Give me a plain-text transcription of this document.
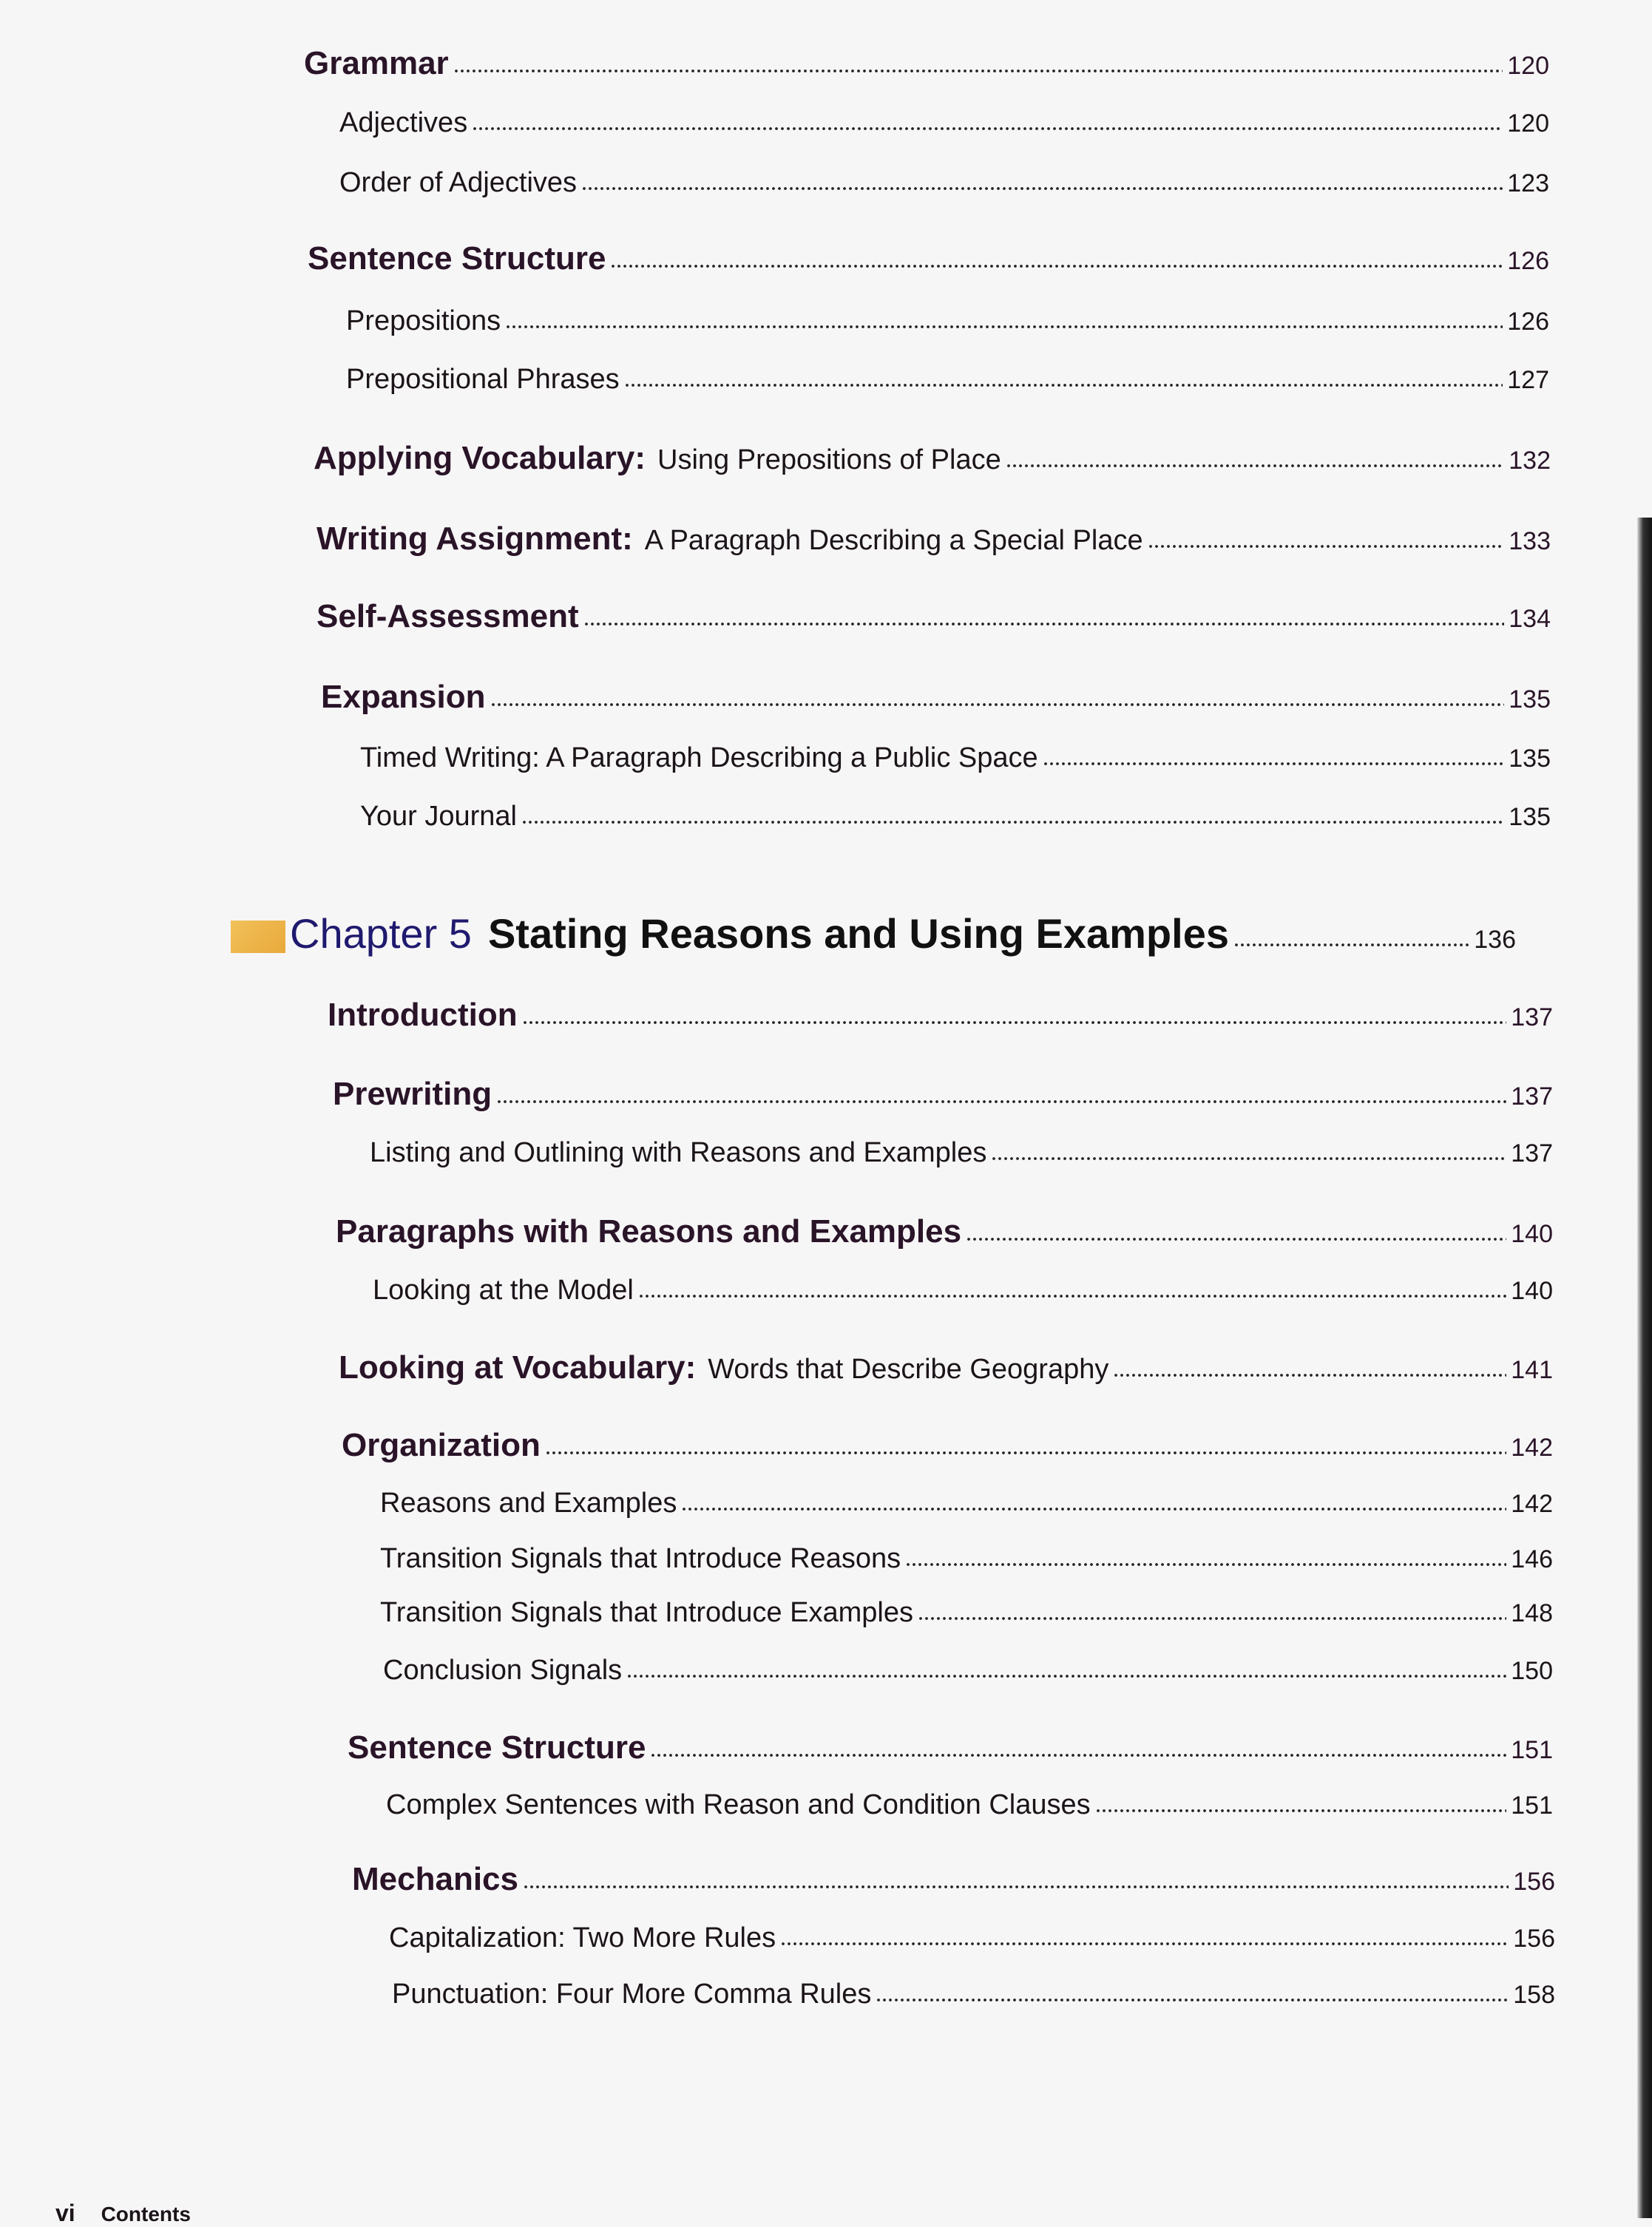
Grammar	120
Adjectives	120
Order of Adjectives	123
Sentence Structure	126
Prepositions	126
Prepositional Phrases	127
Applying Vocabulary: Using Prepositions of Place	132
Writing Assignment: A Paragraph Describing a Special Place	133
Self-Assessment	134
Expansion	135
Timed Writing: A Paragraph Describing a Public Space	135
Your Journal	135
Chapter 5 Stating Reasons and Using Examples	136
Introduction	137
Prewriting	137
Listing and Outlining with Reasons and Examples	137
Paragraphs with Reasons and Examples	140
Looking at the Model	140
Looking at Vocabulary: Words that Describe Geography	141
Organization	142
Reasons and Examples	142
Transition Signals that Introduce Reasons	146
Transition Signals that Introduce Examples	148
Conclusion Signals	150
Sentence Structure	151
Complex Sentences with Reason and Condition Clauses	151
Mechanics	156
Capitalization: Two More Rules	156
Punctuation: Four More Comma Rules	158
vi Contents
